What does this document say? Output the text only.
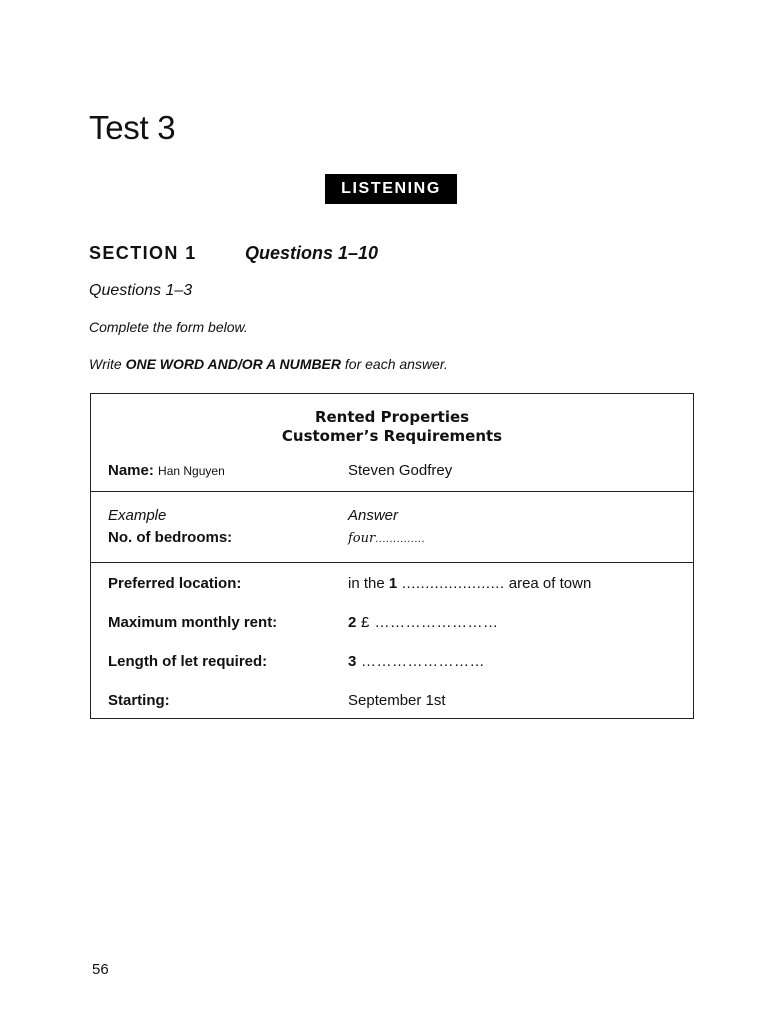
Test 3
LISTENING
SECTION 1	Questions 1–10
Questions 1–3
Complete the form below.
Write ONE WORD AND/OR A NUMBER for each answer.
Rented Properties
Customer’s Requirements
Name: Han Nguyen	Steven Godfrey
Example	Answer
No. of bedrooms:	four..............
Preferred location:	in the 1 ...................... area of town
Maximum monthly rent:	2 £ ……………………
Length of let required:	3 ……………………
Starting:	September 1st
56
